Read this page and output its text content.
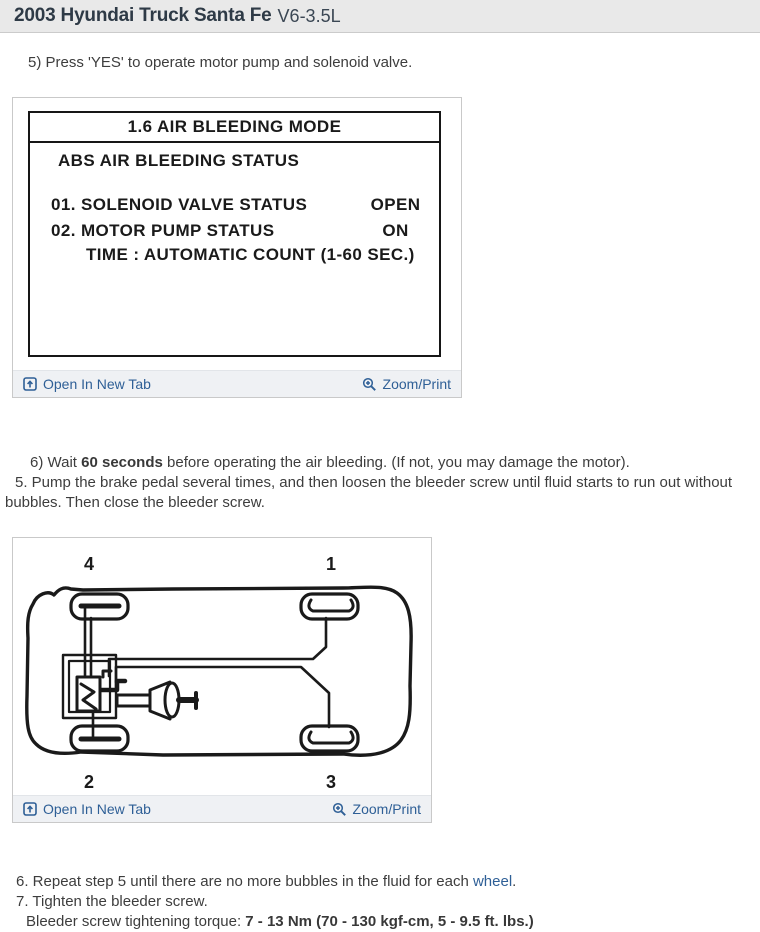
2003 Hyundai Truck Santa Fe V6-3.5L

5) Press 'YES' to operate motor pump and solenoid valve.

1.6 AIR BLEEDING MODE
ABS AIR BLEEDING STATUS
01. SOLENOID VALVE STATUS	OPEN
02. MOTOR PUMP STATUS	ON
TIME : AUTOMATIC COUNT (1-60 SEC.)
Open In New Tab	Zoom/Print

6) Wait 60 seconds before operating the air bleeding. (If not, you may damage the motor).

5. Pump the brake pedal several times, and then loosen the bleeder screw until fluid starts to run out without bubbles. Then close the bleeder screw.

4	1
2	3
Open In New Tab	Zoom/Print

6. Repeat step 5 until there are no more bubbles in the fluid for each wheel.

7. Tighten the bleeder screw.

Bleeder screw tightening torque: 7 - 13 Nm (70 - 130 kgf-cm, 5 - 9.5 ft. lbs.)
